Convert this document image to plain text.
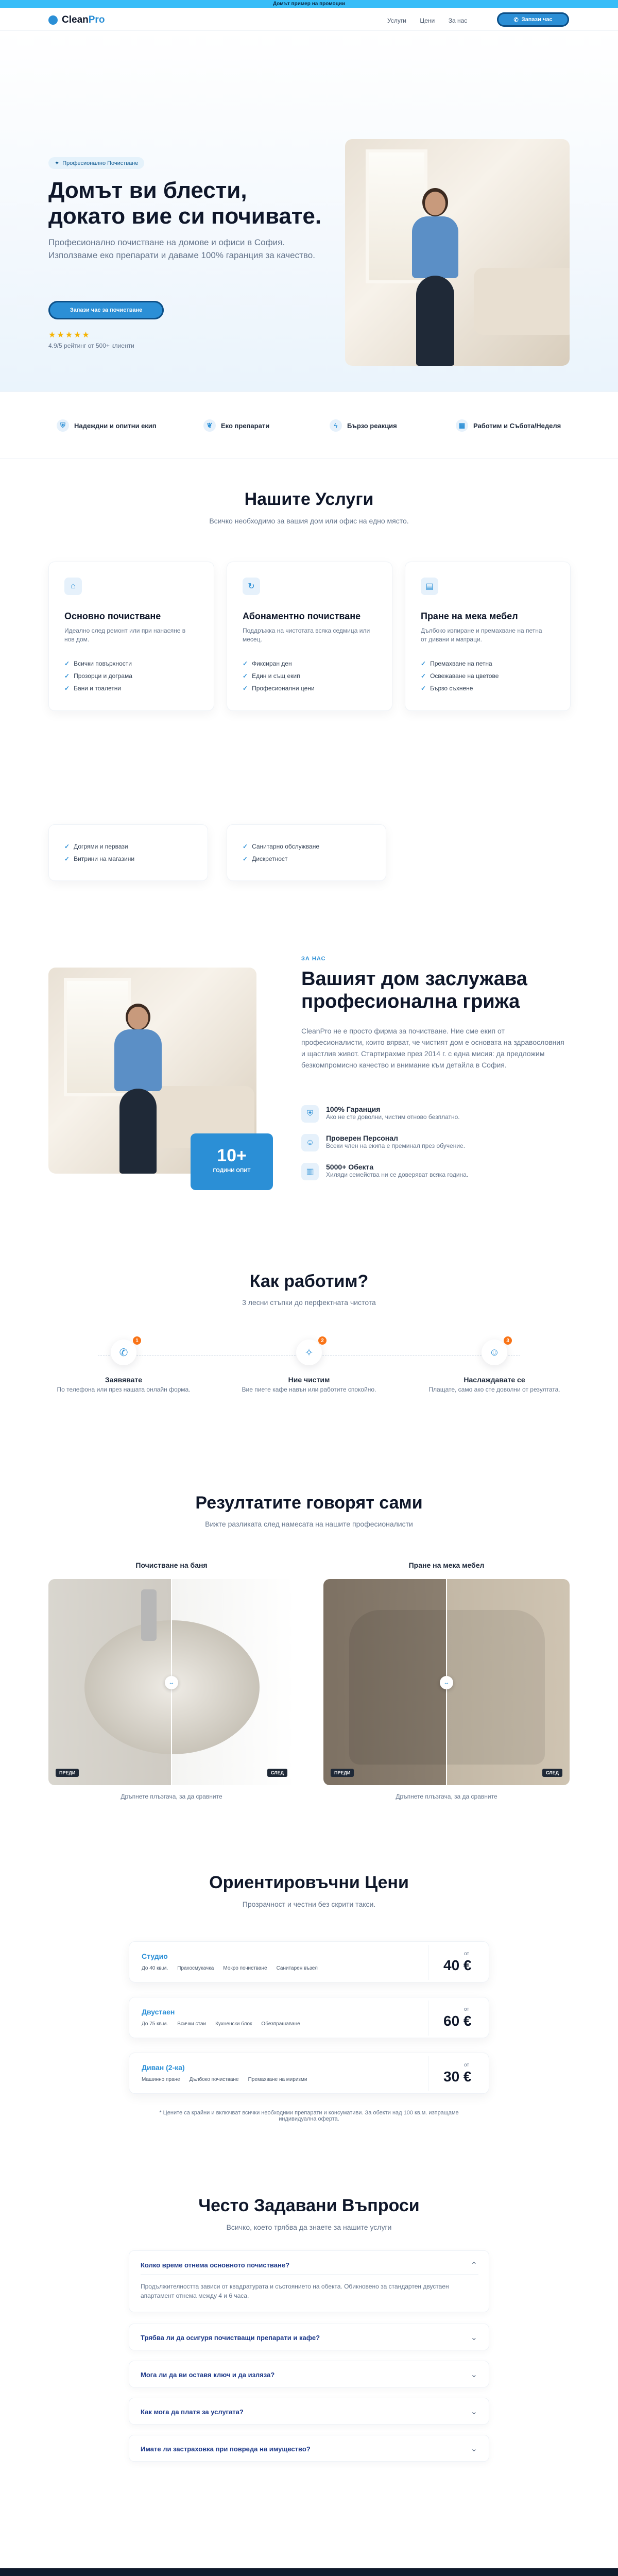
Домът пример на промоции
CleanPro	Услуги Цени За нас	✆ Запази час
✦ Професионално Почистване
Домът ви блести,
докато вие си почивате.

Професионално почистване на домове и офиси в София. Използваме еко препарати и даваме 100% гаранция за качество.

Запази час за почистване
★★★★★
4.9/5 рейтинг от 500+ клиенти
⛨	Надеждни и опитни екип	❦	Еко препарати	ϟ	Бързо реакция	▦	Работим и Събота/Неделя
Нашите Услуги
Всичко необходимо за вашия дом или офис на едно място.
⌂
Основно почистване

Идеално след ремонт или при нанасяне в нов дом.

✓ Всички повърхности
✓ Прозорци и дограма
✓ Бани и тоалетни
↻
Абонаментно почистване

Поддръжка на чистотата всяка седмица или месец.

✓ Фиксиран ден
✓ Един и същ екип
✓ Професионални цени
▤
Пране на мека мебел

Дълбоко изпиране и премахване на петна от дивани и матраци.

✓ Премахване на петна
✓ Освежаване на цветове
✓ Бързо съхнене
✓ Догрями и первази
✓ Витрини на магазини
✓ Санитарно обслужване
✓ Дискретност
10+
ГОДИНИ ОПИТ
ЗА НАС
Вашият дом заслужава
професионална грижа

CleanPro не е просто фирма за почистване. Ние сме екип от професионалисти, които вярват, че чистият дом е основата на здравословния и щастлив живот. Стартирахме през 2014 г. с една мисия: да предложим безкомпромисно качество и внимание към детайла в София.

⛨	100% Гаранция
Ако не сте доволни, чистим отново безплатно.
☺	Проверен Персонал
Всеки член на екипа е преминал през обучение.
▥
5000+ Обекта
Хиляди семейства ни се доверяват всяка година.
Как работим?
3 лесни стъпки до перфектната чистота
✆
1
Заявявате
По телефона или през нашата онлайн форма.
✧
2
Ние чистим
Вие пиете кафе навън или работите спокойно.
☺
3
Наслаждавате се
Плащате, само ако сте доволни от резултата.
Резултатите говорят сами
Вижте разликата след намесата на нашите професионалисти
Почистване на баня
↔
ПРЕДИ	СЛЕД
Дръпнете плъзгача, за да сравните
Пране на мека мебел
↔
ПРЕДИ	СЛЕД
Дръпнете плъзгача, за да сравните
Ориентировъчни Цени
Прозрачност и честни без скрити такси.
Студио
До 40 кв.м. Прахосмукачка Мокро почистване Санитарен възел
от
40 €
Двустаен
До 75 кв.м. Всички стаи Кухненски блок Обезпрашаване
от
60 €
Диван (2-ка)
Машинно пране Дълбоко почистване Премахване на миризми
от
30 €
* Цените са крайни и включват всички необходими препарати и консумативи. За обекти над 100 кв.м. изпращаме индивидуална оферта.
Често Задавани Въпроси
Всичко, което трябва да знаете за нашите услуги
Колко време отнема основното почистване?	⌃
Продължителността зависи от квадратурата и състоянието на обекта. Обикновено за стандартен двустаен апартамент отнема между 4 и 6 часа.
Трябва ли да осигуря почистващи препарати и кафе?	⌄
Мога ли да ви оставя ключ и да изляза?	⌄
Как мога да платя за услугата?	⌄
Имате ли застраховка при повреда на имущество?	⌄
